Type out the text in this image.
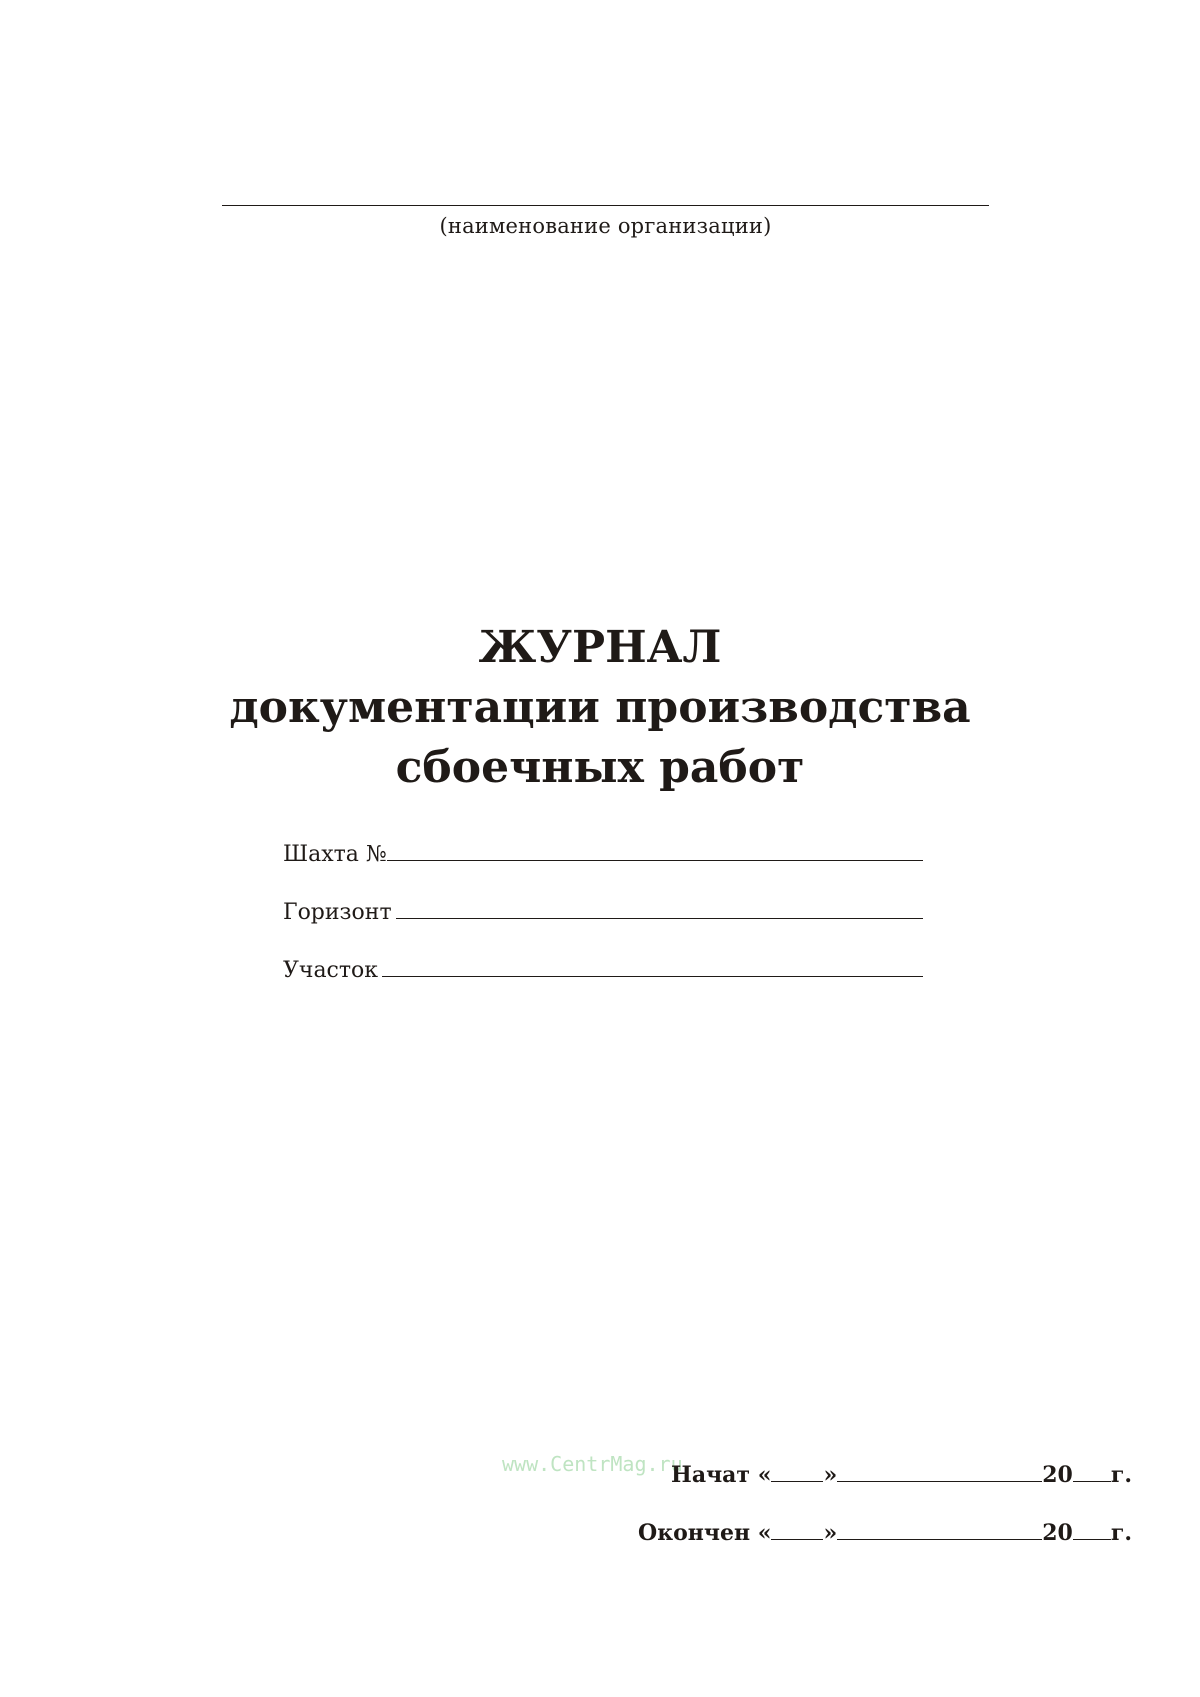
(наименование организации)
ЖУРНАЛ
документации производства
сбоечных работ
Шахта №
Горизонт
Участок
www.CentrMag.ru
Начат
« »	20 г.
Окончен
« »	20 г.
